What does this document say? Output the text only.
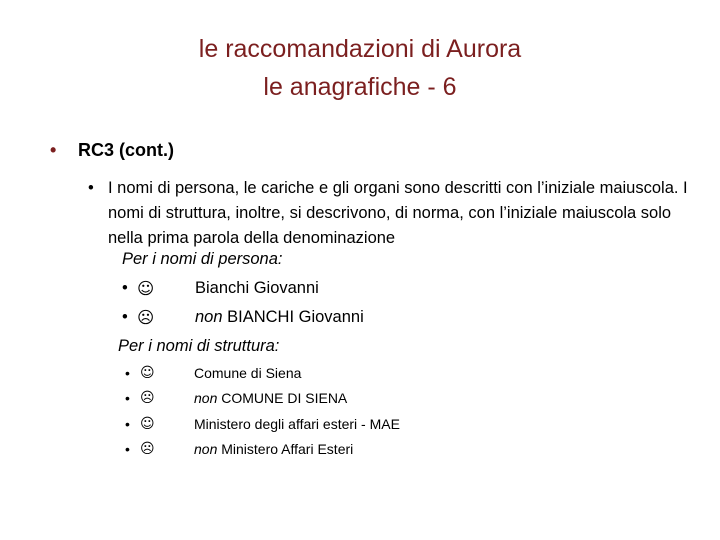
le raccomandazioni di Aurora
le anagrafiche - 6
• RC3 (cont.)
• I nomi di persona, le cariche e gli organi sono descritti con l’iniziale maiuscola. I nomi di struttura, inoltre, si descrivono, di norma, con l’iniziale maiuscola solo nella prima parola della denominazione
Per i nomi di persona:
• ☺ Bianchi Giovanni
• ☹ non BIANCHI Giovanni
Per i nomi di struttura:
• ☺	Comune di Siena
• ☹	non COMUNE DI SIENA
• ☺	Ministero degli affari esteri - MAE
• ☹	non Ministero Affari Esteri
